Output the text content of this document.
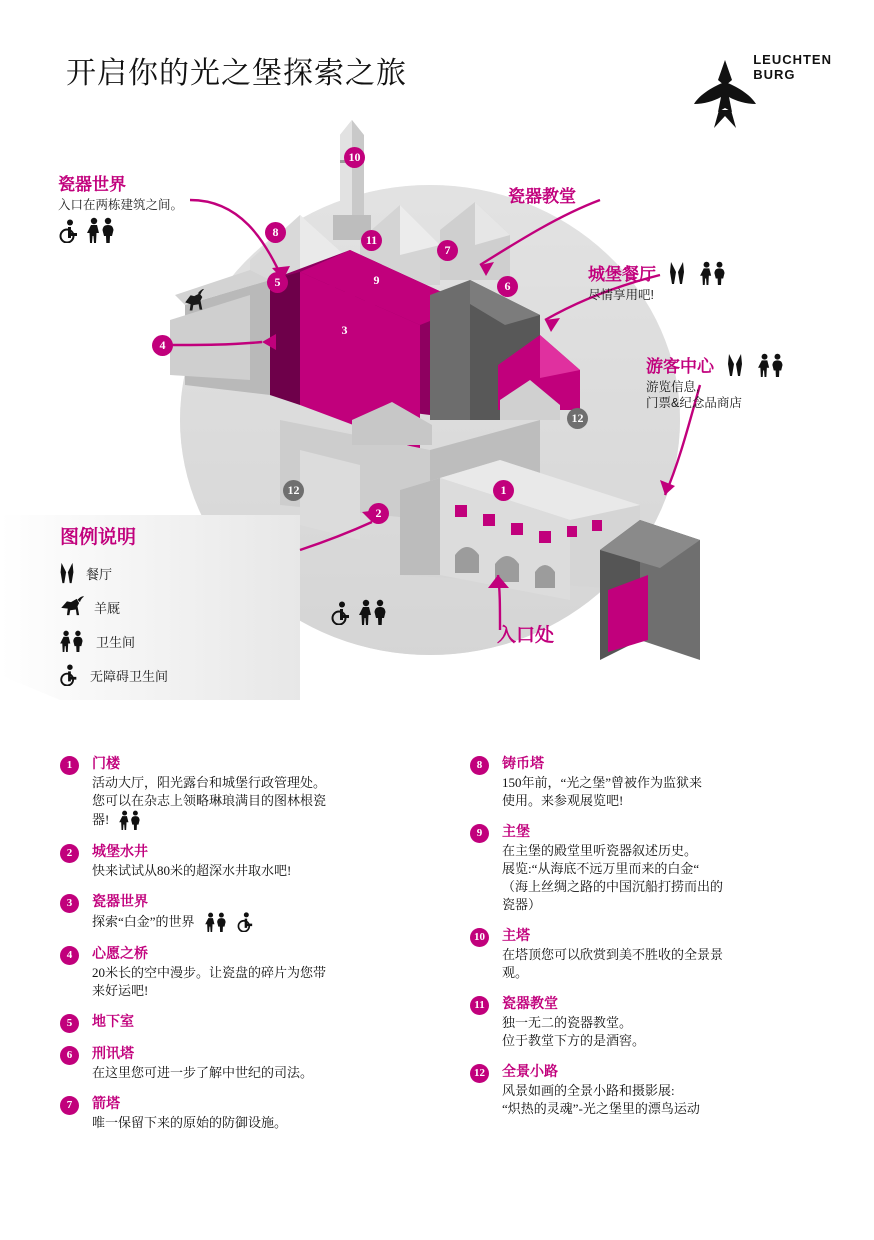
开启你的光之堡探索之旅	LEUCHTEN
BURG
10
8
11
7
5	9	6
3
4
12
12
2
1
瓷器世界
入口在两栋建筑之间。	瓷器教堂
城堡餐厅
尽情享用吧!
游客中心
游览信息,
门票&纪念品商店
入口处
图例说明
餐厅
羊厩
卫生间
无障碍卫生间
1	门楼
活动大厅，阳光露台和城堡行政管理处。
您可以在杂志上领略琳琅满目的图林根瓷
器!
2	城堡水井
快来试试从80米的超深水井取水吧!
3	瓷器世界
探索“白金”的世界
4	心愿之桥
20米长的空中漫步。让瓷盘的碎片为您带
来好运吧!
5	地下室
6	刑讯塔
在这里您可进一步了解中世纪的司法。
7	箭塔
唯一保留下来的原始的防御设施。
8	铸币塔
150年前，“光之堡”曾被作为监狱来
使用。来参观展览吧!
9	主堡
在主堡的殿堂里听瓷器叙述历史。
展览:“从海底不远万里而来的白金“
（海上丝绸之路的中国沉船打捞而出的
瓷器）
10 主塔
在塔顶您可以欣赏到美不胜收的全景景
观。
11	瓷器教堂
独一无二的瓷器教堂。
位于教堂下方的是酒窖。
12 全景小路
风景如画的全景小路和摄影展:
“炽热的灵魂”-光之堡里的漂鸟运动
